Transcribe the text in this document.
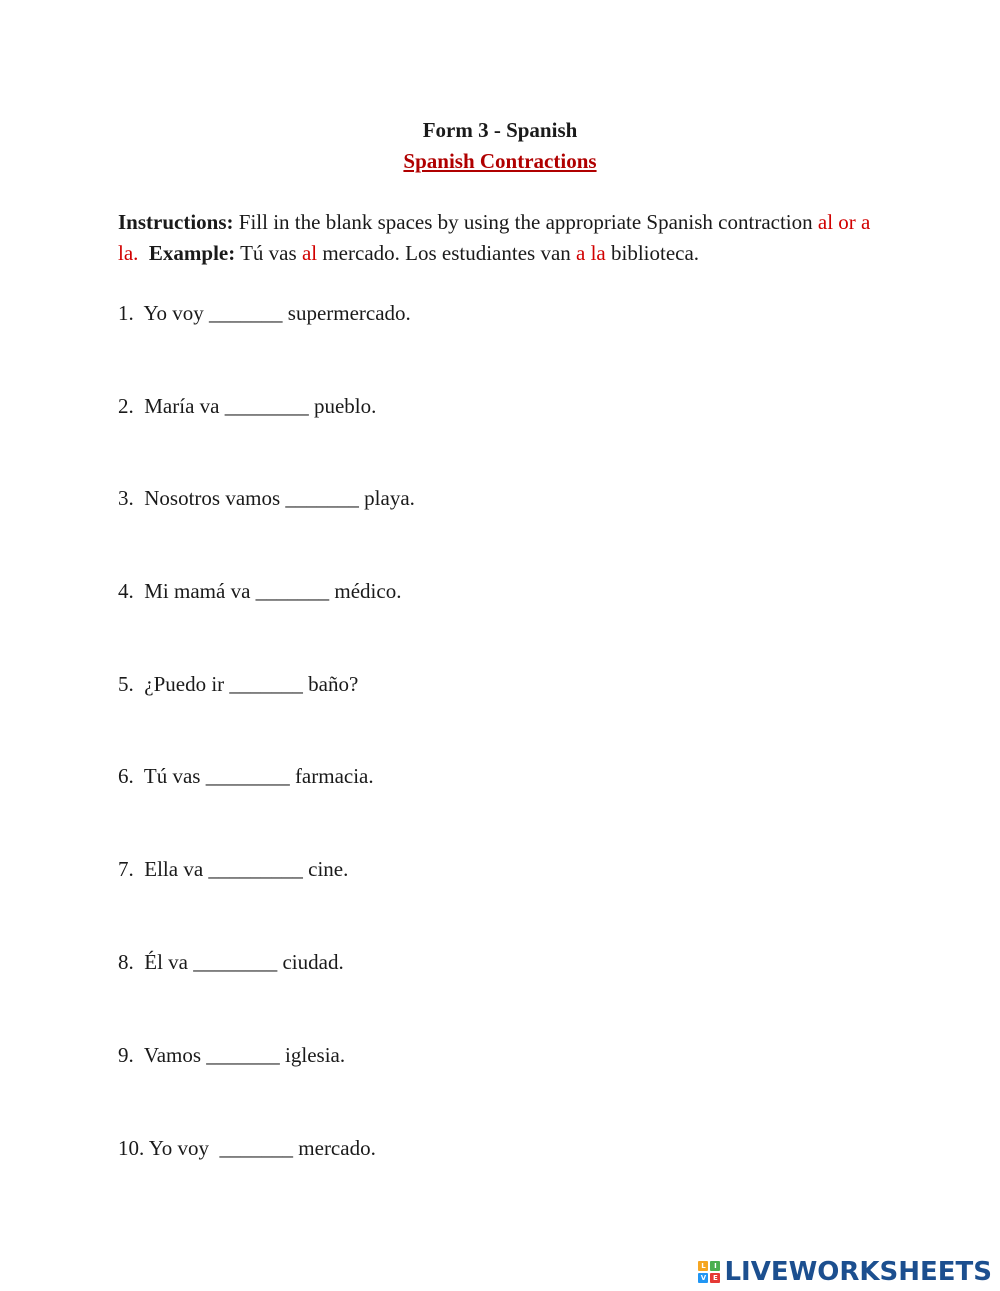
Form 3 - Spanish
Spanish Contractions
Instructions: Fill in the blank spaces by using the appropriate Spanish contraction al or a la. Example: Tú vas al mercado. Los estudiantes van a la biblioteca.
1.  Yo voy _______ supermercado.
2.  María va ________ pueblo.
3.  Nosotros vamos _______ playa.
4.  Mi mamá va _______ médico.
5.  ¿Puedo ir _______ baño?
6.  Tú vas ________ farmacia.
7.  Ella va _________ cine.
8.  Él va ________ ciudad.
9.  Vamos _______ iglesia.
10. Yo voy  _______ mercado.
L	I
V E LIVEWORKSHEETS
